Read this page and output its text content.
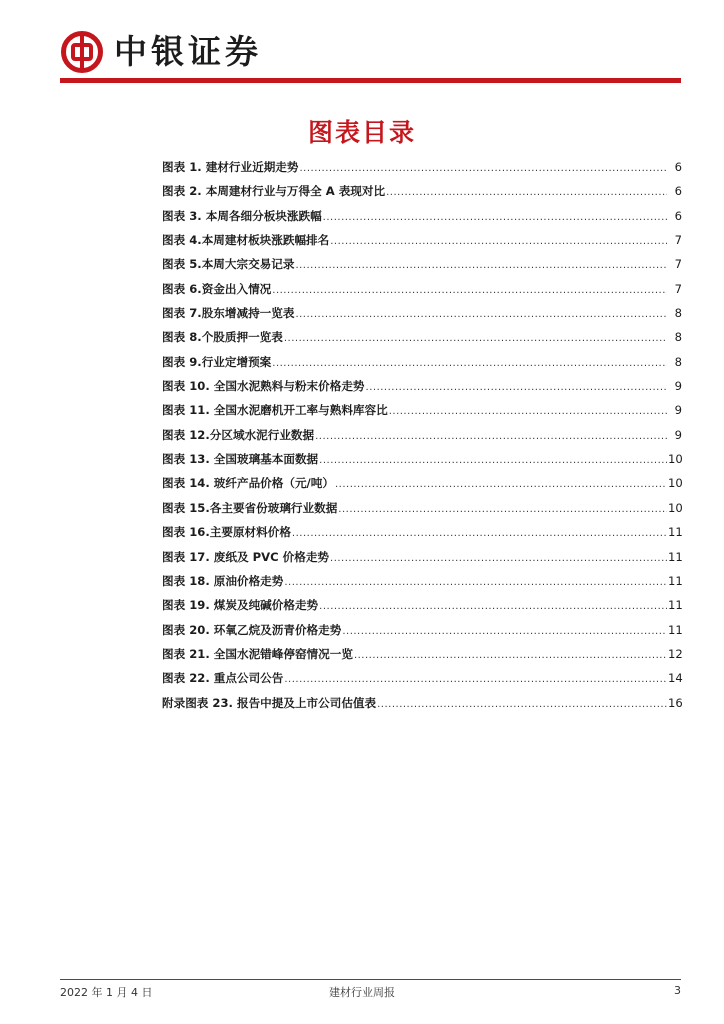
中银证券
图表目录
图表 1. 建材行业近期走势 .....	6
图表 2. 本周建材行业与万得全 A 表现对比 .....	6
图表 3. 本周各细分板块涨跌幅 .....	6
图表 4.本周建材板块涨跌幅排名 .....	7
图表 5.本周大宗交易记录 .....	7
图表 6.资金出入情况 .....	7
图表 7.股东增减持一览表 .....	8
图表 8.个股质押一览表 .....	8
图表 9.行业定增预案 .....	8
图表 10. 全国水泥熟料与粉末价格走势 .....	9
图表 11. 全国水泥磨机开工率与熟料库容比 .....	9
图表 12.分区域水泥行业数据 .....	9
图表 13. 全国玻璃基本面数据 .....	10
图表 14. 玻纤产品价格（元/吨） .....	10
图表 15.各主要省份玻璃行业数据 .....	10
图表 16.主要原材料价格 .....	11
图表 17. 废纸及 PVC 价格走势 .....	11
图表 18. 原油价格走势 .....	11
图表 19. 煤炭及纯碱价格走势 .....	11
图表 20. 环氧乙烷及沥青价格走势 .....	11
图表 21. 全国水泥错峰停窑情况一览 .....	12
图表 22. 重点公司公告 .....	14
附录图表 23. 报告中提及上市公司估值表 .....	16
2022 年 1 月 4 日	建材行业周报	3
